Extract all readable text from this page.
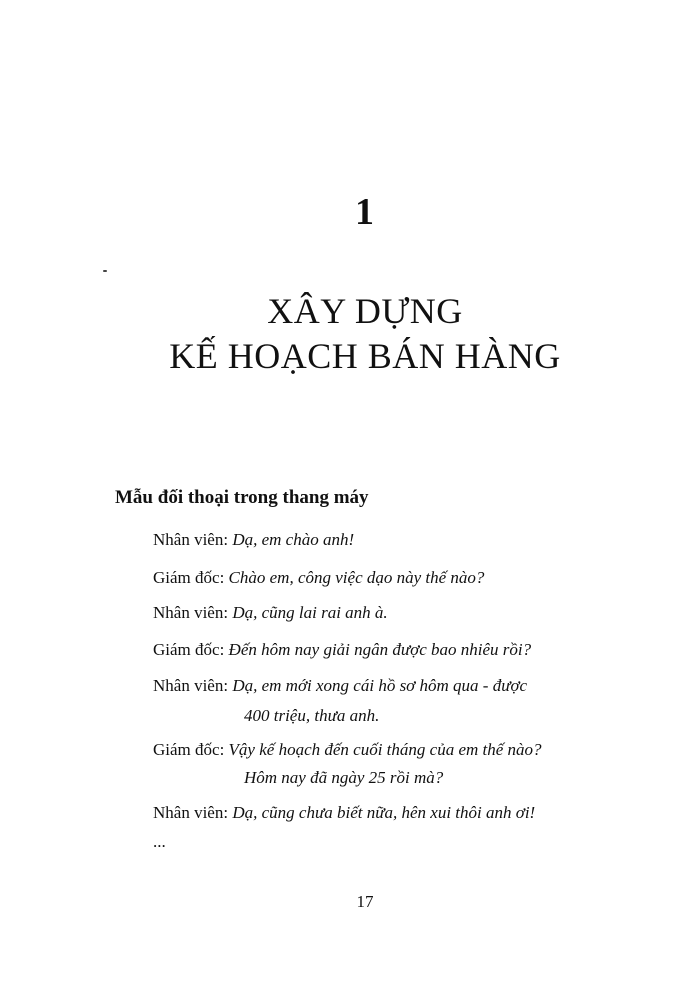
1
XÂY DỰNG
KẾ HOẠCH BÁN HÀNG
Mẫu đối thoại trong thang máy
Nhân viên: Dạ, em chào anh!
Giám đốc: Chào em, công việc dạo này thế nào?
Nhân viên: Dạ, cũng lai rai anh à.
Giám đốc: Đến hôm nay giải ngân được bao nhiêu rồi?
Nhân viên: Dạ, em mới xong cái hồ sơ hôm qua - được
400 triệu, thưa anh.
Giám đốc: Vậy kế hoạch đến cuối tháng của em thế nào?
Hôm nay đã ngày 25 rồi mà?
Nhân viên: Dạ, cũng chưa biết nữa, hên xui thôi anh ơi!
...
17
